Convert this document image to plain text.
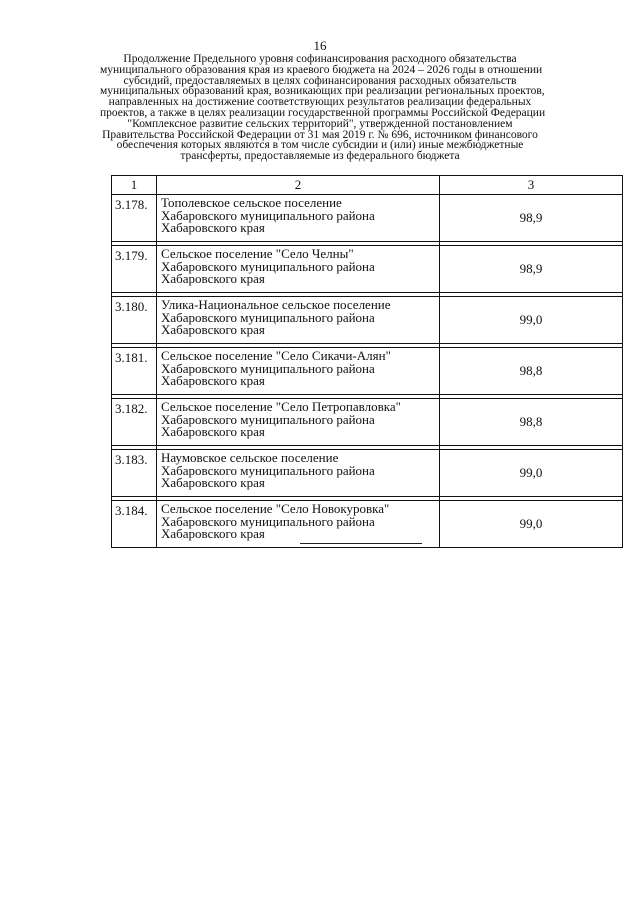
16
Продолжение Предельного уровня софинансирования расходного обязательства
муниципального образования края из краевого бюджета на 2024 – 2026 годы в отношении
субсидий, предоставляемых в целях софинансирования расходных обязательств
муниципальных образований края, возникающих при реализации региональных проектов,
направленных на достижение соответствующих результатов реализации федеральных
проектов, а также в целях реализации государственной программы Российской Федерации
"Комплексное развитие сельских территорий", утвержденной постановлением
Правительства Российской Федерации от 31 мая 2019 г. № 696, источником финансового
обеспечения которых являются в том числе субсидии и (или) иные межбюджетные
трансферты, предоставляемые из федерального бюджета
1	2	3
3.178.	Тополевское сельское поселение
Хабаровского муниципального района
Хабаровского края	98,9

3.179.	Сельское поселение "Село Челны"
Хабаровского муниципального района
Хабаровского края	98,9

3.180.	Улика-Национальное сельское поселение
Хабаровского муниципального района
Хабаровского края	99,0

3.181.	Сельское поселение "Село Сикачи-Алян"
Хабаровского муниципального района
Хабаровского края	98,8

3.182.	Сельское поселение "Село Петропавловка"
Хабаровского муниципального района
Хабаровского края	98,8

3.183.	Наумовское сельское поселение
Хабаровского муниципального района
Хабаровского края	99,0

3.184.	Сельское поселение "Село Новокуровка"
Хабаровского муниципального района
Хабаровского края	99,0
